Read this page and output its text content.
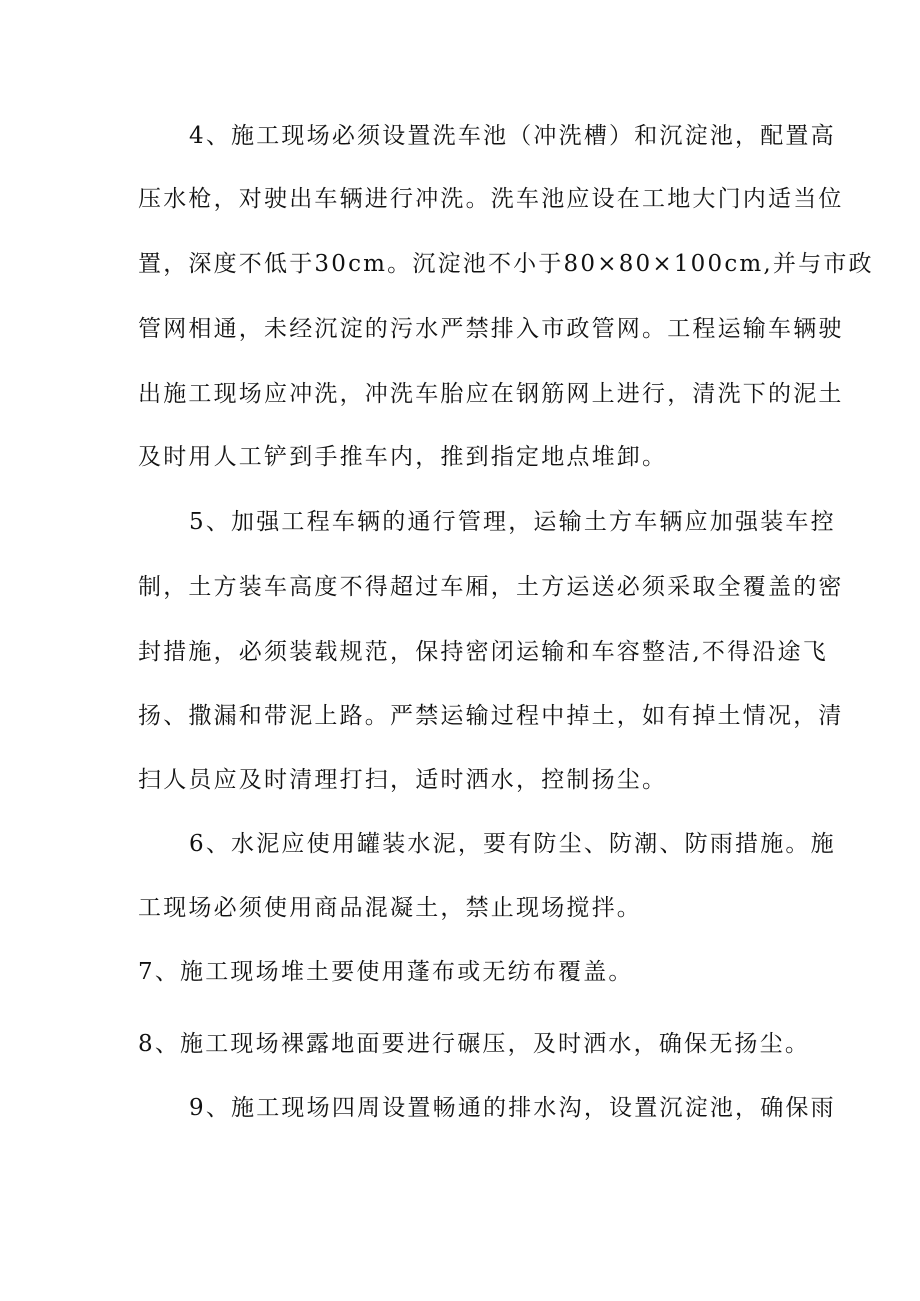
4、施工现场必须设置洗车池（冲洗槽）和沉淀池，配置高
压水枪，对驶出车辆进行冲洗。洗车池应设在工地大门内适当位
置，深度不低于30cm。沉淀池不小于80×80×100cm,并与市政
管网相通，未经沉淀的污水严禁排入市政管网。工程运输车辆驶
出施工现场应冲洗，冲洗车胎应在钢筋网上进行，清洗下的泥土
及时用人工铲到手推车内，推到指定地点堆卸。
5、加强工程车辆的通行管理，运输土方车辆应加强装车控
制，土方装车高度不得超过车厢，土方运送必须采取全覆盖的密
封措施，必须装载规范，保持密闭运输和车容整洁,不得沿途飞
扬、撒漏和带泥上路。严禁运输过程中掉土，如有掉土情况，清
扫人员应及时清理打扫，适时洒水，控制扬尘。
6、水泥应使用罐装水泥，要有防尘、防潮、防雨措施。施
工现场必须使用商品混凝土，禁止现场搅拌。
7、施工现场堆土要使用蓬布或无纺布覆盖。
8、施工现场裸露地面要进行碾压，及时洒水，确保无扬尘。
9、施工现场四周设置畅通的排水沟，设置沉淀池，确保雨
